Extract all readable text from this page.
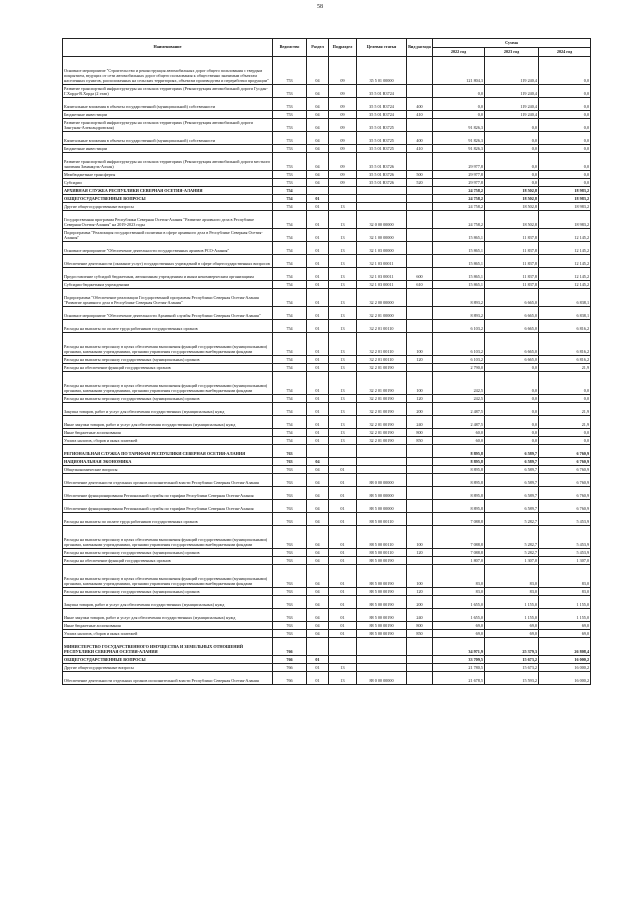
58
Наименование	Ведомство	Раздел	Подраздел	Целевая статья	Вид расхода	Сумма		
						2022 год	2023 год	2024 год
Основное мероприятие "Строительство и реконструкция автомобильных дорог общего пользования с твердым покрытием, ведущих от сети автомобильных дорог общего пользования к общественно значимым объектам населенных пунктов, расположенных на сельских территориях, объектам производства и переработки продукции"	753	04	09	35 5 01 00000		121 804,3	119 240,4	0,0
Развитие транспортной инфраструктуры на сельских территориях (Реконструкция автомобильной дороги Гусдан-Г.Хорда-В.Хорда (2 этап)	753	04	09	35 5 01 R3724		0,0	119 240,4	0,0
Капитальные вложения в объекты государственной (муниципальной) собственности	753	04	09	35 5 01 R3724	400	0,0	119 240,4	0,0
Бюджетные инвестиции	753	04	09	35 5 01 R3724	410	0,0	119 240,4	0,0
Развитие транспортной инфраструктуры на сельских территориях (Реконструкция автомобильной дороги Зангунан-Александровская)	753	04	09	35 5 01 R3725		91 826,3	0,0	0,0
Капитальные вложения в объекты государственной (муниципальной) собственности	753	04	09	35 5 01 R3725	400	91 826,3	0,0	0,0
Бюджетные инвестиции	753	04	09	35 5 01 R3725	410	91 826,3	0,0	0,0
Развитие транспортной инфраструктуры на сельских территориях (Реконструкция автомобильной дороги местного значения Заманкуль-Алхан)	753	04	09	35 5 01 R3726		29 977,8	0,0	0,0
Межбюджетные трансферты	753	04	09	35 5 01 R3726	500	29 977,8	0,0	0,0
Субсидии	753	04	09	35 5 01 R3726	520	29 977,8	0,0	0,0
АРХИВНАЯ СЛУЖБА РЕСПУБЛИКИ СЕВЕРНАЯ ОСЕТИЯ-АЛАНИЯ	754					24 758,2	18 502,8	18 983,2
ОБЩЕГОСУДАРСТВЕННЫЕ ВОПРОСЫ	754	01				24 758,2	18 502,8	18 983,2
Другие общегосударственные вопросы	754	01	13			24 758,2	18 502,8	18 983,2
Государственная программа Республики Северная Осетия-Алания "Развитие архивного дела в Республике Северная Осетия-Алания" на 2019-2023 годы	754	01	13	32 0 00 00000		24 758,2	18 502,8	18 983,2
Подпрограмма "Реализация государственной политики в сфере архивного дела в Республике Северная Осетия-Алания"	754	01	13	32 1 00 00000		15 865,1	11 837,8	12 145,2
Основное мероприятие "Обеспечение деятельности государственных архивов РСО-Алания"	754	01	13	32 1 03 00000		15 865,1	11 837,8	12 145,2
Обеспечение деятельности (оказание услуг) государственных учреждений в сфере общегосударственных вопросов	754	01	13	32 1 03 00011		15 865,1	11 837,8	12 145,2
Предоставление субсидий бюджетным, автономным учреждениям и иным некоммерческим организациям	754	01	13	32 1 03 00011	600	15 865,1	11 837,8	12 145,2
Субсидии бюджетным учреждениям	754	01	13	32 1 03 00011	610	15 865,1	11 837,8	12 145,2
Подпрограмма "Обеспечение реализации Государственной программы Республики Северная Осетия-Алания "Развитие архивного дела в Республике Северная Осетия-Алания"	754	01	13	32 2 00 00000		8 893,2	6 665,0	6 838,1
Основное мероприятие "Обеспечение деятельности Архивной службы Республики Северная Осетия-Алания"	754	01	13	32 2 01 00000		8 893,2	6 665,0	6 838,1
Расходы на выплаты по оплате труда работников государственных органов	754	01	13	32 2 01 00110		6 103,2	6 665,0	6 816,2
Расходы на выплаты персоналу в целях обеспечения выполнения функций государственными (муниципальными) органами, казенными учреждениями, органами управления государственными внебюджетными фондами	754	01	13	32 2 01 00110	100	6 103,2	6 665,0	6 816,2
Расходы на выплаты персоналу государственных (муниципальных) органов	754	01	13	32 2 01 00110	120	6 103,2	6 665,0	6 816,2
Расходы на обеспечение функций государственных органов	754	01	13	32 2 01 00190		2 790,0	0,0	21,9
Расходы на выплаты персоналу в целях обеспечения выполнения функций государственными (муниципальными) органами, казенными учреждениями, органами управления государственными внебюджетными фондами	754	01	13	32 2 01 00190	100	242,5	0,0	0,0
Расходы на выплаты персоналу государственных (муниципальных) органов	754	01	13	32 2 01 00190	120	242,5	0,0	0,0
Закупка товаров, работ и услуг для обеспечения государственных (муниципальных) нужд	754	01	13	32 2 01 00190	200	2 487,5	0,0	21,9
Иные закупки товаров, работ и услуг для обеспечения государственных (муниципальных) нужд	754	01	13	32 2 01 00190	240	2 487,5	0,0	21,9
Иные бюджетные ассигнования	754	01	13	32 2 01 00190	800	60,0	0,0	0,0
Уплата налогов, сборов и иных платежей	754	01	13	32 2 01 00190	850	60,0	0,0	0,0
РЕГИОНАЛЬНАЯ СЛУЖБА ПО ТАРИФАМ РЕСПУБЛИКИ СЕВЕРНАЯ ОСЕТИЯ-АЛАНИЯ	763					8 895,8	6 589,7	6 760,9
НАЦИОНАЛЬНАЯ ЭКОНОМИКА	763	04				8 895,8	6 589,7	6 760,9
Общеэкономические вопросы	763	04	01			8 895,8	6 589,7	6 760,9
Обеспечение деятельности отдельных органов исполнительной власти Республики Северная Осетия-Алания	763	04	01	88 0 00 00000		8 895,8	6 589,7	6 760,9
Обеспечение функционирования Региональной службы по тарифам Республики Северная Осетия-Алания	763	04	01	88 5 00 00000		8 895,8	6 589,7	6 760,9
Обеспечение функционирования Региональной службы по тарифам Республики Северная Осетия-Алания	763	04	01	88 5 00 00000		8 895,8	6 589,7	6 760,9
Расходы на выплаты по оплате труда работников государственных органов	763	04	01	88 5 00 00110		7 088,8	5 282,7	5 453,9
Расходы на выплаты персоналу в целях обеспечения выполнения функций государственными (муниципальными) органами, казенными учреждениями, органами управления государственными внебюджетными фондами	763	04	01	88 5 00 00110	100	7 088,8	5 282,7	5 453,9
Расходы на выплаты персоналу государственных (муниципальных) органов	763	04	01	88 5 00 00110	120	7 088,8	5 282,7	5 453,9
Расходы на обеспечение функций государственных органов	763	04	01	88 5 00 00190		1 807,0	1 307,0	1 307,0
Расходы на выплаты персоналу в целях обеспечения выполнения функций государственными (муниципальными) органами, казенными учреждениями, органами управления государственными внебюджетными фондами	763	04	01	88 5 00 00190	100	83,0	83,0	83,0
Расходы на выплаты персоналу государственных (муниципальных) органов	763	04	01	88 5 00 00190	120	83,0	83,0	83,0
Закупка товаров, работ и услуг для обеспечения государственных (муниципальных) нужд	763	04	01	88 5 00 00190	200	1 655,0	1 155,0	1 155,0
Иные закупки товаров, работ и услуг для обеспечения государственных (муниципальных) нужд	763	04	01	88 5 00 00190	240	1 655,0	1 155,0	1 155,0
Иные бюджетные ассигнования	763	04	01	88 5 00 00190	800	69,0	69,0	69,0
Уплата налогов, сборов и иных платежей	763	04	01	88 5 00 00190	850	69,0	69,0	69,0
МИНИСТЕРСТВО ГОСУДАРСТВЕННОГО ИМУЩЕСТВА И ЗЕМЕЛЬНЫХ ОТНОШЕНИЙ РЕСПУБЛИКИ СЕВЕРНАЯ ОСЕТИЯ-АЛАНИЯ	766					34 971,9	25 379,3	26 808,4
ОБЩЕГОСУДАРСТВЕННЫЕ ВОПРОСЫ	766	01				33 709,5	15 673,2	16 000,2
Другие общегосударственные вопросы	766	01	13			21 780,5	15 673,2	16 000,2
Обеспечение деятельности отдельных органов исполнительной власти Республики Северная Осетия-Алания	766	01	13	88 0 00 00000		21 678,5	15 593,2	16 000,2
